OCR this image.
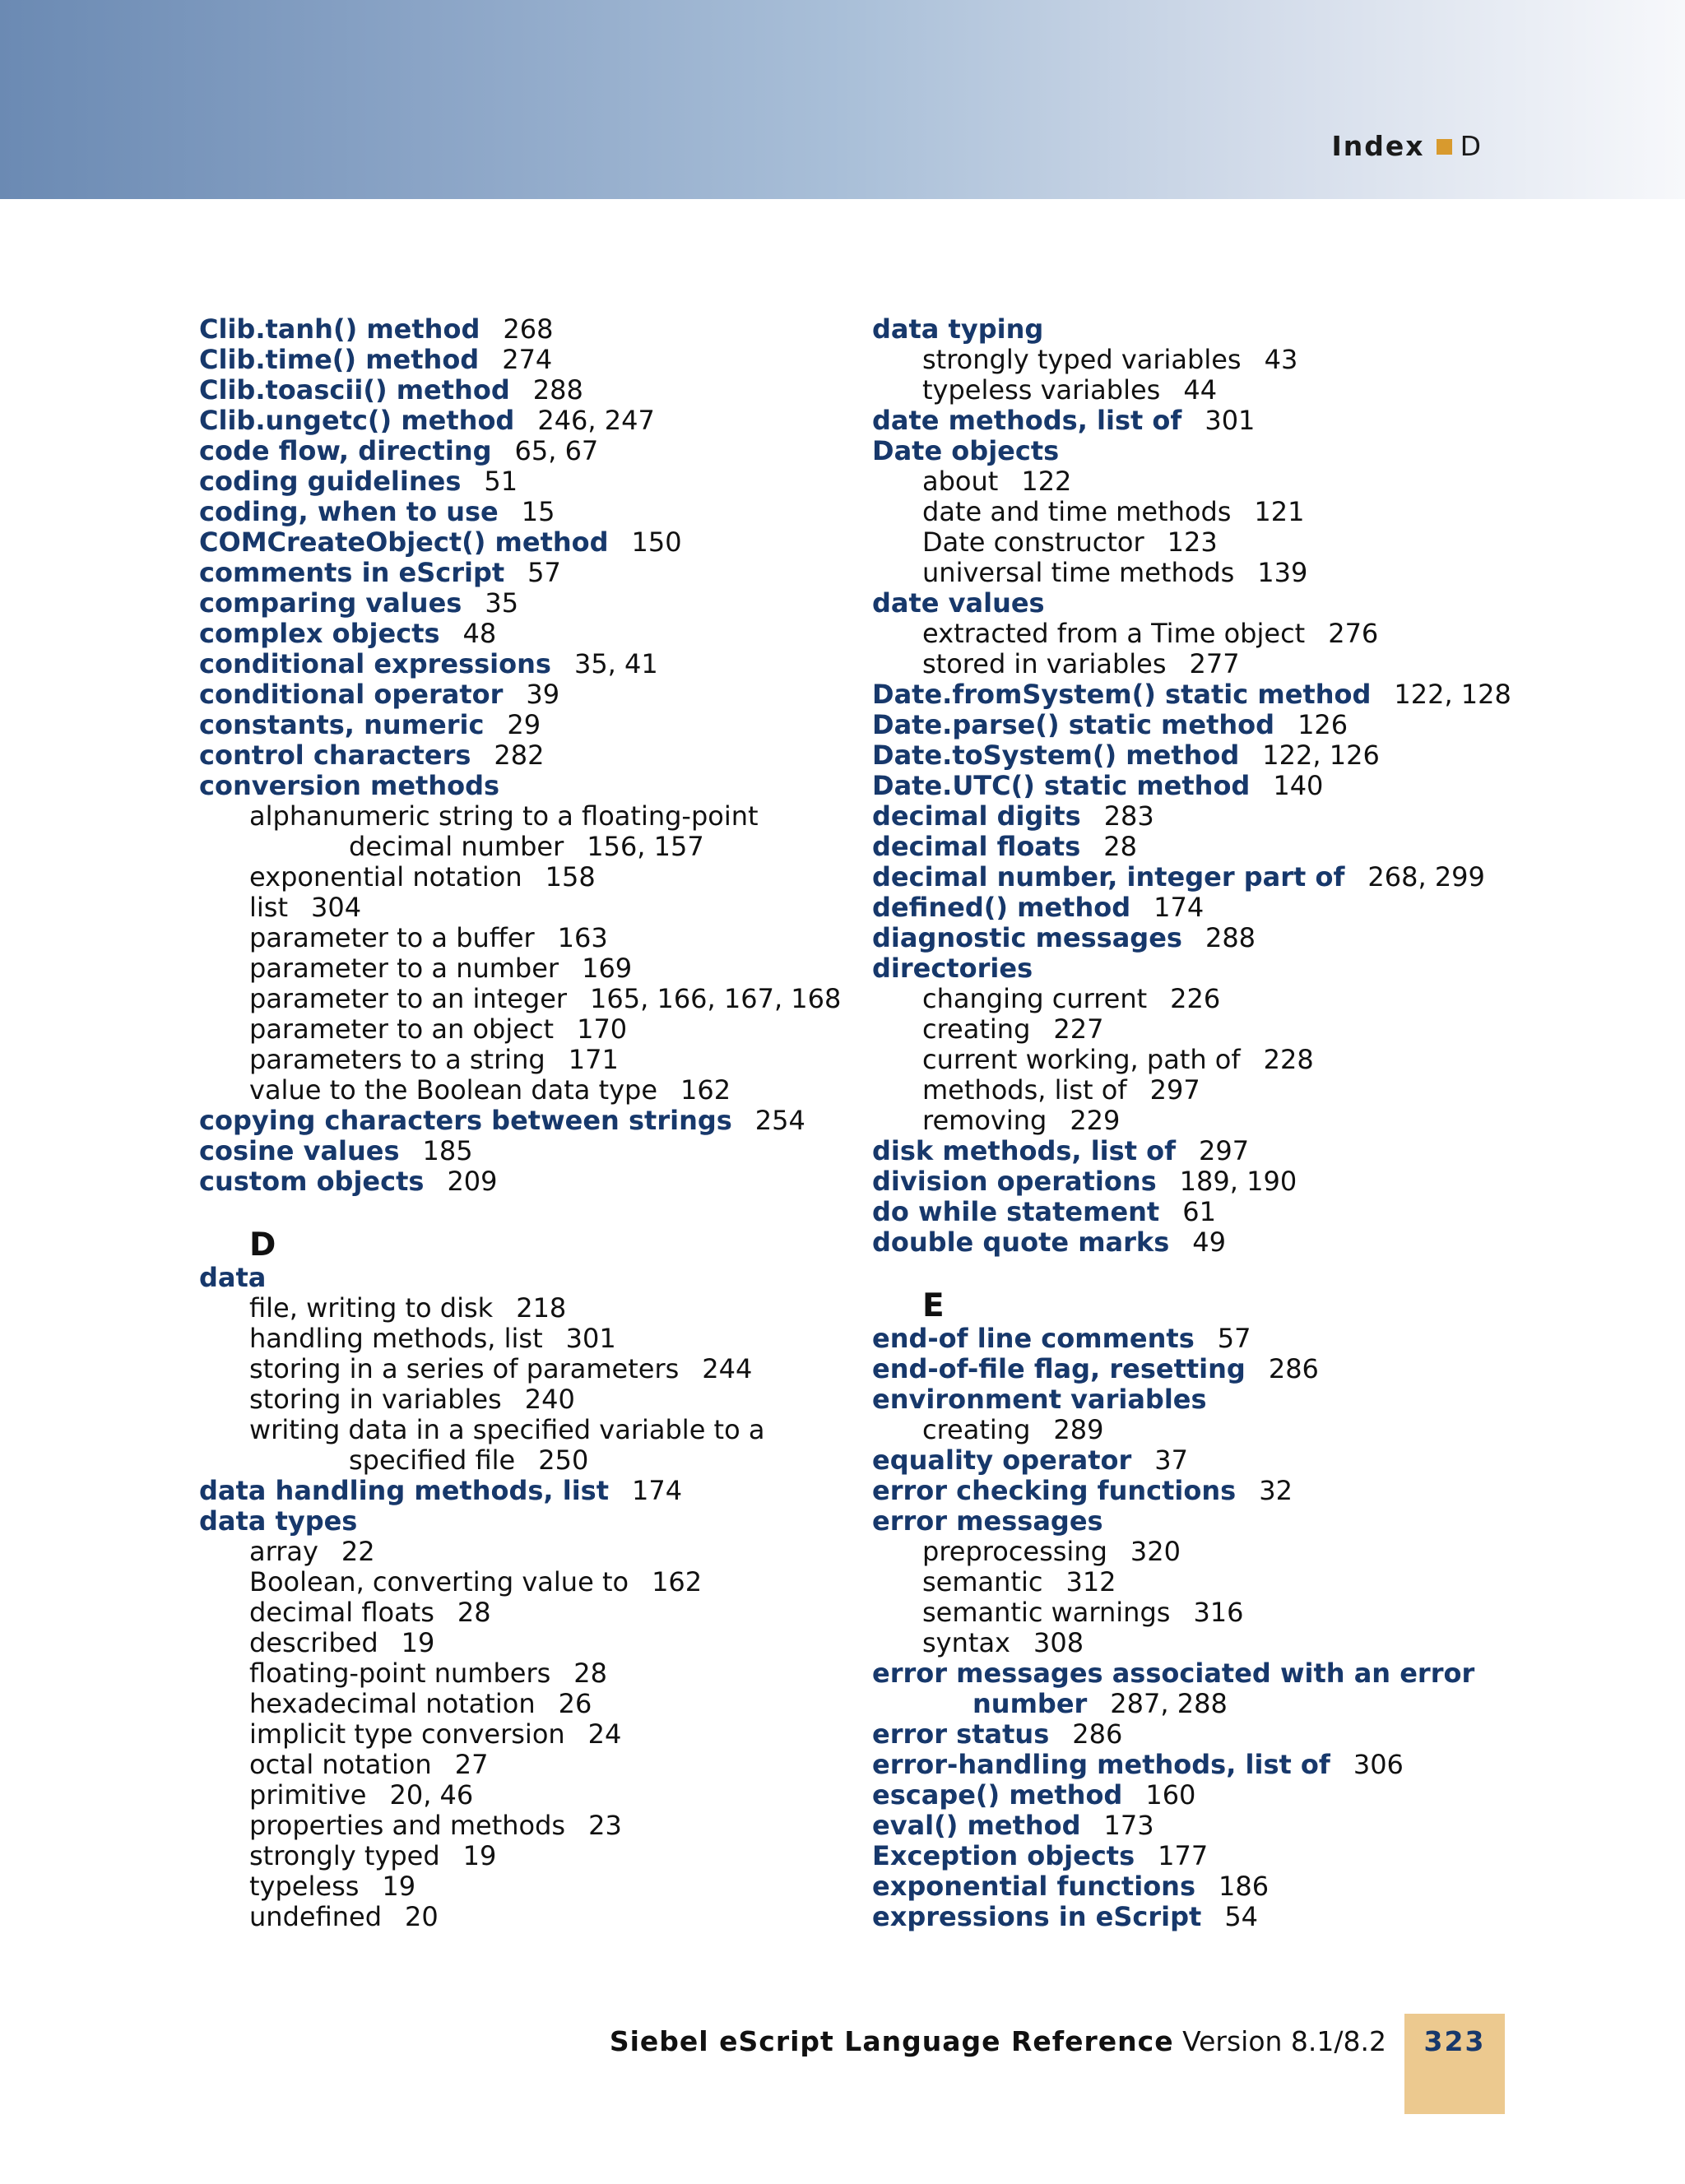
Index D
Clib.tanh() method 268
Clib.time() method 274
Clib.toascii() method 288
Clib.ungetc() method 246, 247
code flow, directing 65, 67
coding guidelines 51
coding, when to use 15
COMCreateObject() method 150
comments in eScript 57
comparing values 35
complex objects 48
conditional expressions 35, 41
conditional operator 39
constants, numeric 29
control characters 282
conversion methods
alphanumeric string to a floating-point
decimal number 156, 157
exponential notation 158
list 304
parameter to a buffer 163
parameter to a number 169
parameter to an integer 165, 166, 167, 168
parameter to an object 170
parameters to a string 171
value to the Boolean data type 162
copying characters between strings 254
cosine values 185
custom objects 209
D
data
file, writing to disk 218
handling methods, list 301
storing in a series of parameters 244
storing in variables 240
writing data in a specified variable to a
specified file 250
data handling methods, list 174
data types
array 22
Boolean, converting value to 162
decimal floats 28
described 19
floating-point numbers 28
hexadecimal notation 26
implicit type conversion 24
octal notation 27
primitive 20, 46
properties and methods 23
strongly typed 19
typeless 19
undefined 20
data typing
strongly typed variables 43
typeless variables 44
date methods, list of 301
Date objects
about 122
date and time methods 121
Date constructor 123
universal time methods 139
date values
extracted from a Time object 276
stored in variables 277
Date.fromSystem() static method 122, 128
Date.parse() static method 126
Date.toSystem() method 122, 126
Date.UTC() static method 140
decimal digits 283
decimal floats 28
decimal number, integer part of 268, 299
defined() method 174
diagnostic messages 288
directories
changing current 226
creating 227
current working, path of 228
methods, list of 297
removing 229
disk methods, list of 297
division operations 189, 190
do while statement 61
double quote marks 49
E
end-of line comments 57
end-of-file flag, resetting 286
environment variables
creating 289
equality operator 37
error checking functions 32
error messages
preprocessing 320
semantic 312
semantic warnings 316
syntax 308
error messages associated with an error
number 287, 288
error status 286
error-handling methods, list of 306
escape() method 160
eval() method 173
Exception objects 177
exponential functions 186
expressions in eScript 54
Siebel eScript Language Reference Version 8.1/8.2	323
